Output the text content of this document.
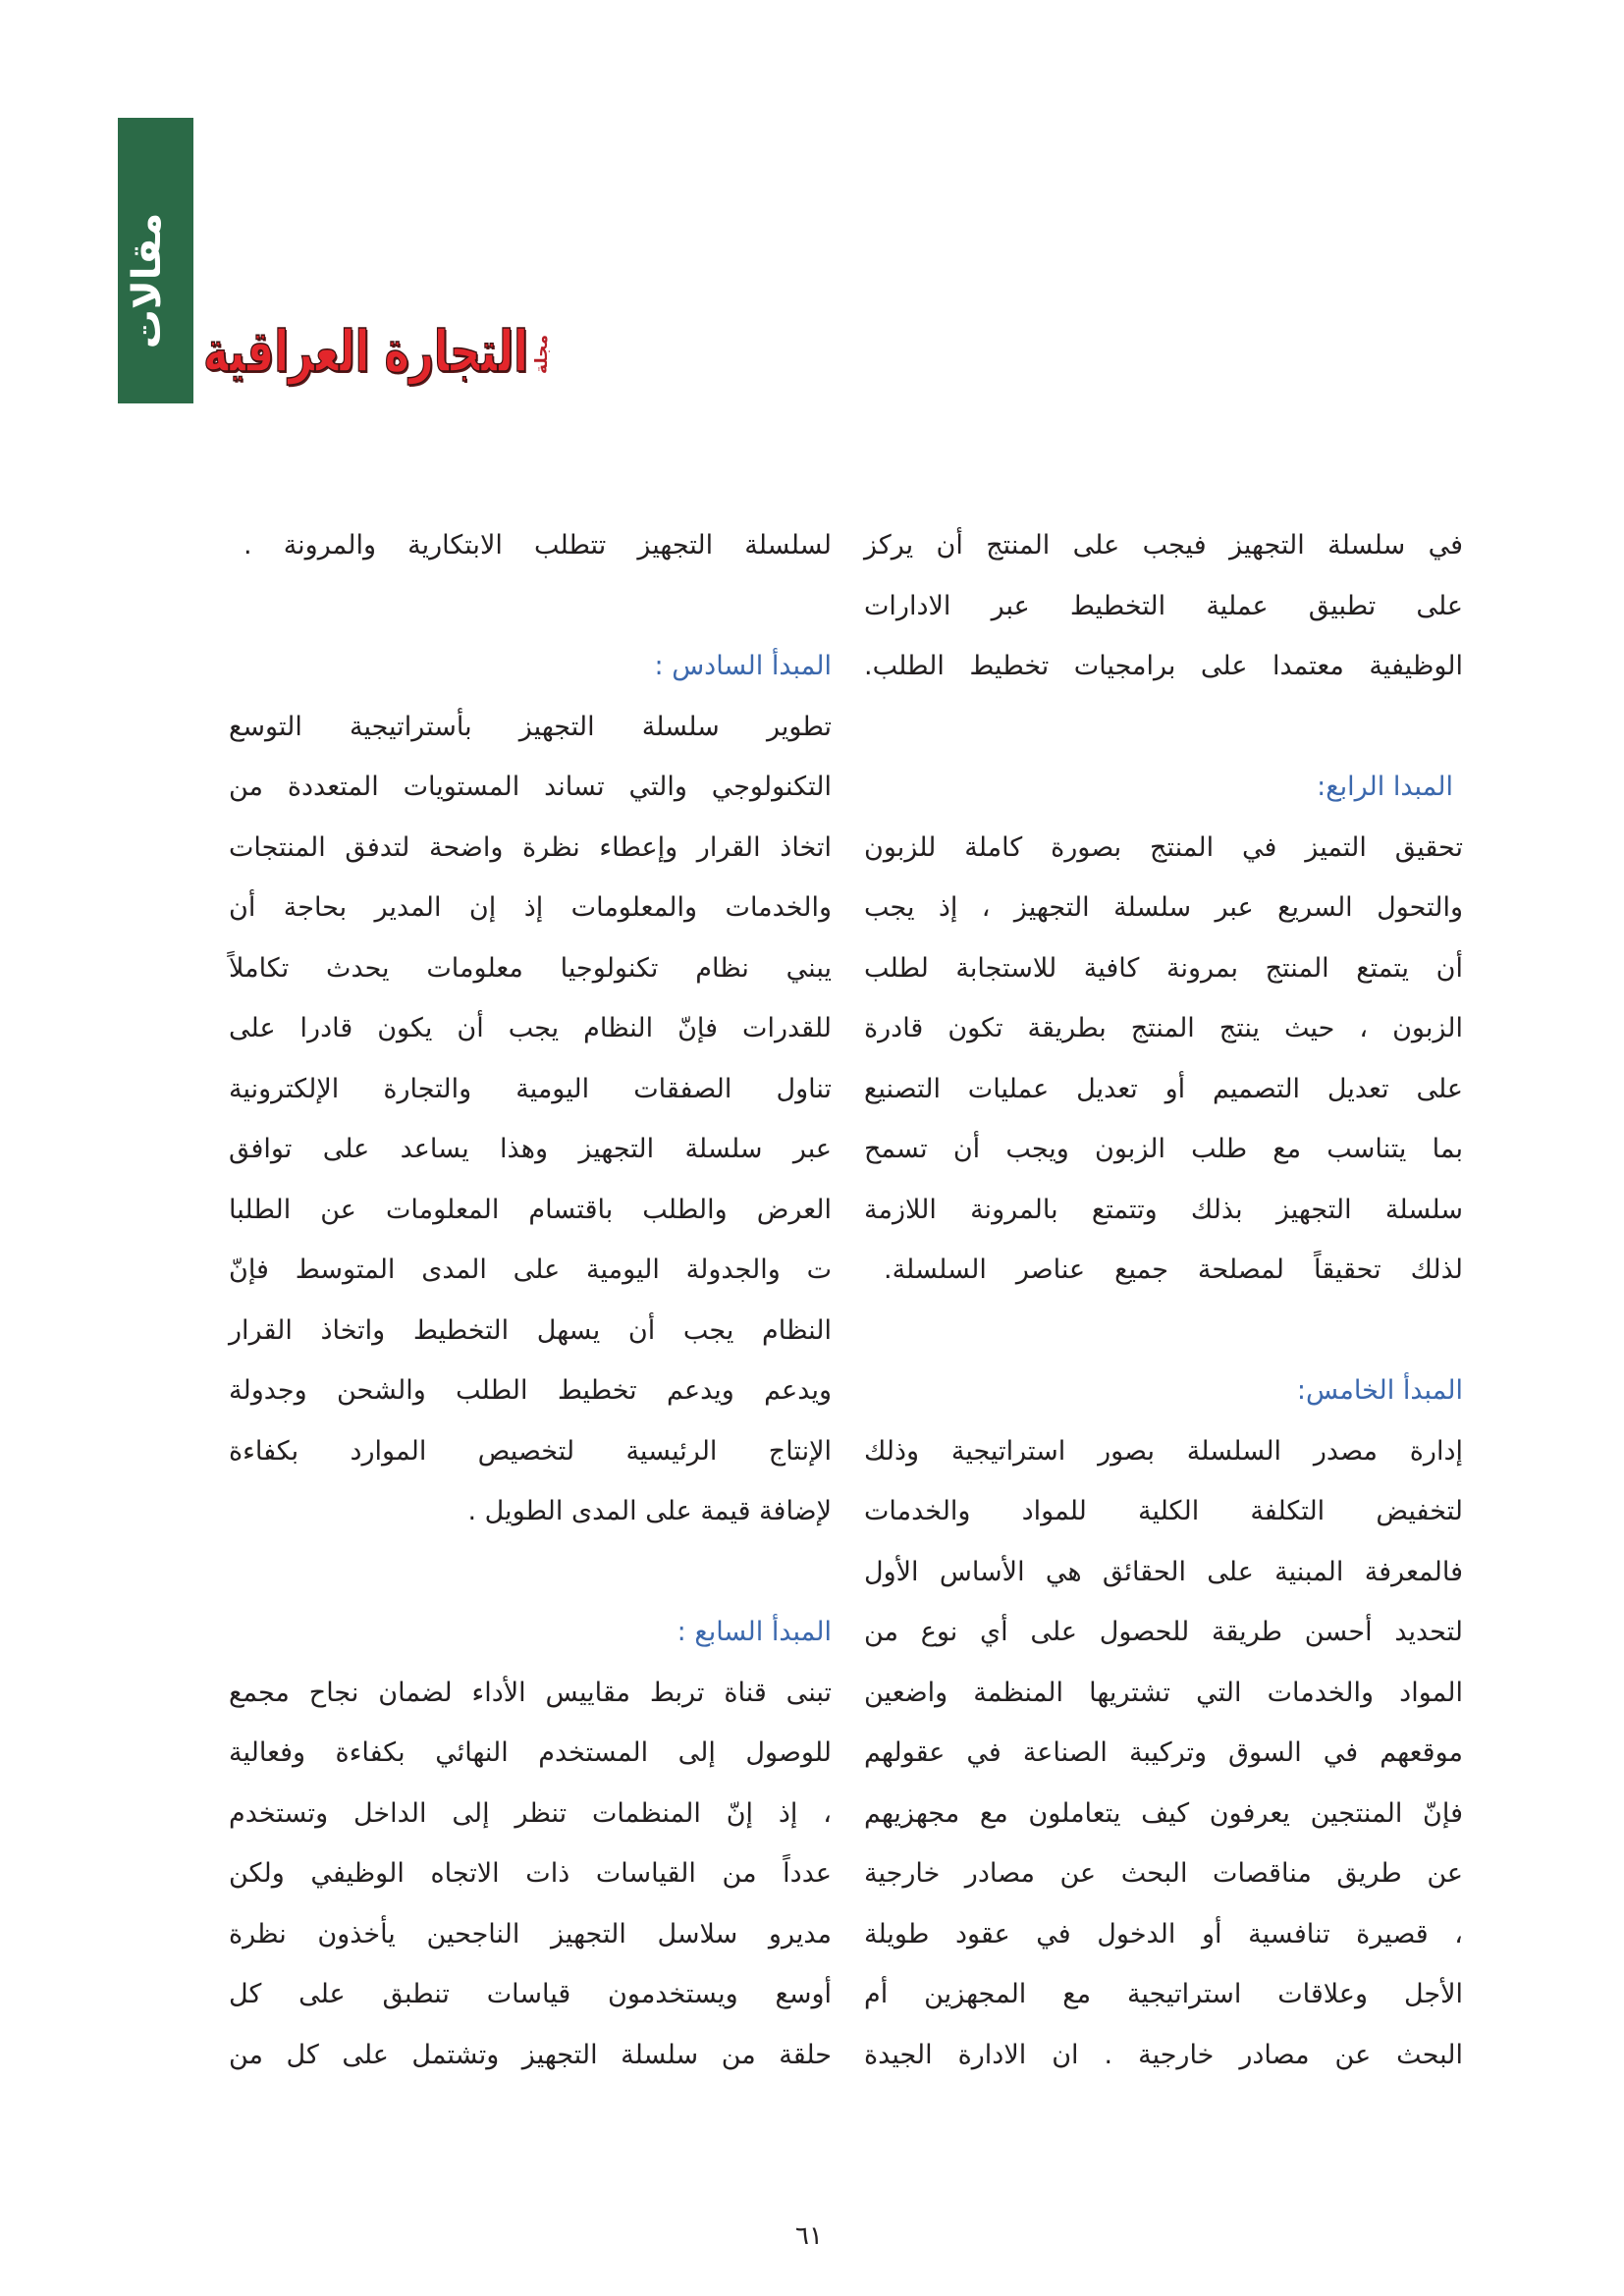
مقالات
التجارة العراقية مجلة
في سلسلة التجهيز فيجب على المنتج أن يركز
على تطبيق عملية التخطيط عبر الادارات
الوظيفية معتمدا على برامجيات تخطيط الطلب.
المبدا الرابع:
تحقيق التميز في المنتج بصورة كاملة للزبون
والتحول السريع عبر سلسلة التجهيز ، إذ يجب
أن يتمتع المنتج بمرونة كافية للاستجابة لطلب
الزبون ، حيث ينتج المنتج بطريقة تكون قادرة
على تعديل التصميم أو تعديل عمليات التصنيع
بما يتناسب مع طلب الزبون ويجب أن تسمح
سلسلة التجهيز بذلك وتتمتع بالمرونة اللازمة
لذلك تحقيقاً لمصلحة جميع عناصر السلسلة.
المبدأ الخامس:
إدارة مصدر السلسلة بصور استراتيجية وذلك
لتخفيض التكلفة الكلية للمواد والخدمات
فالمعرفة المبنية على الحقائق هي الأساس الأول
لتحديد أحسن طريقة للحصول على أي نوع من
المواد والخدمات التي تشتريها المنظمة واضعين
موقعهم في السوق وتركيبة الصناعة في عقولهم
فإنّ المنتجين يعرفون كيف يتعاملون مع مجهزيهم
عن طريق مناقصات البحث عن مصادر خارجية
، قصيرة تنافسية أو الدخول في عقود طويلة
الأجل وعلاقات استراتيجية مع المجهزين أم
البحث عن مصادر خارجية . ان الادارة الجيدة
لسلسلة التجهيز تتطلب الابتكارية والمرونة .
المبدأ السادس :
تطوير سلسلة التجهيز بأستراتيجية التوسع
التكنولوجي والتي تساند المستويات المتعددة من
اتخاذ القرار وإعطاء نظرة واضحة لتدفق المنتجات
والخدمات والمعلومات إذ إن المدير بحاجة أن
يبني نظام تكنولوجيا معلومات يحدث تكاملاً
للقدرات فإنّ النظام يجب أن يكون قادرا على
تناول الصفقات اليومية والتجارة الإلكترونية
عبر سلسلة التجهيز وهذا يساعد على توافق
العرض والطلب باقتسام المعلومات عن الطلبا
ت والجدولة اليومية على المدى المتوسط فإنّ
النظام يجب أن يسهل التخطيط واتخاذ القرار
ويدعم ويدعم تخطيط الطلب والشحن وجدولة
الإنتاج الرئيسية لتخصيص الموارد بكفاءة
لإضافة قيمة على المدى الطويل .
المبدأ السابع :
تبنى قناة تربط مقاييس الأداء لضمان نجاح مجمع
للوصول إلى المستخدم النهائي بكفاءة وفعالية
، إذ إنّ المنظمات تنظر إلى الداخل وتستخدم
عدداً من القياسات ذات الاتجاه الوظيفي ولكن
مديرو سلاسل التجهيز الناجحين يأخذون نظرة
أوسع ويستخدمون قياسات تنطبق على كل
حلقة من سلسلة التجهيز وتشتمل على كل من
٦١
